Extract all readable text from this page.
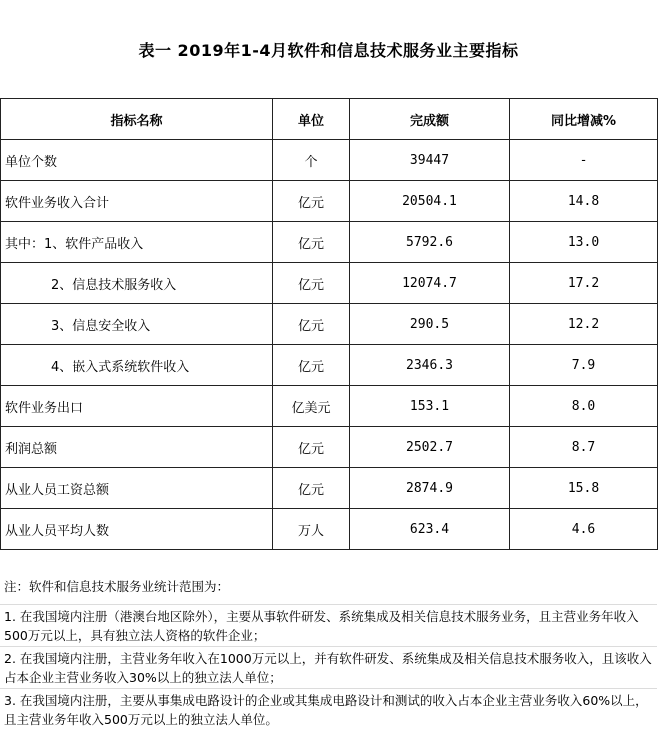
表一 2019年1-4月软件和信息技术服务业主要指标
指标名称	单位	完成额	同比增减%
单位个数	个	39447	-
软件业务收入合计	亿元	20504.1	14.8
其中：1、软件产品收入	亿元	5792.6	13.0
2、信息技术服务收入	亿元	12074.7	17.2
3、信息安全收入	亿元	290.5	12.2
4、嵌入式系统软件收入	亿元	2346.3	7.9
软件业务出口	亿美元	153.1	8.0
利润总额	亿元	2502.7	8.7
从业人员工资总额	亿元	2874.9	15.8
从业人员平均人数	万人	623.4	4.6
注：软件和信息技术服务业统计范围为：
1. 在我国境内注册（港澳台地区除外），主要从事软件研发、系统集成及相关信息技术服务业务，且主营业务年收入500万元以上，具有独立法人资格的软件企业；
2. 在我国境内注册，主营业务年收入在1000万元以上，并有软件研发、系统集成及相关信息技术服务收入，且该收入占本企业主营业务收入30%以上的独立法人单位；
3. 在我国境内注册，主要从事集成电路设计的企业或其集成电路设计和测试的收入占本企业主营业务收入60%以上，且主营业务年收入500万元以上的独立法人单位。
